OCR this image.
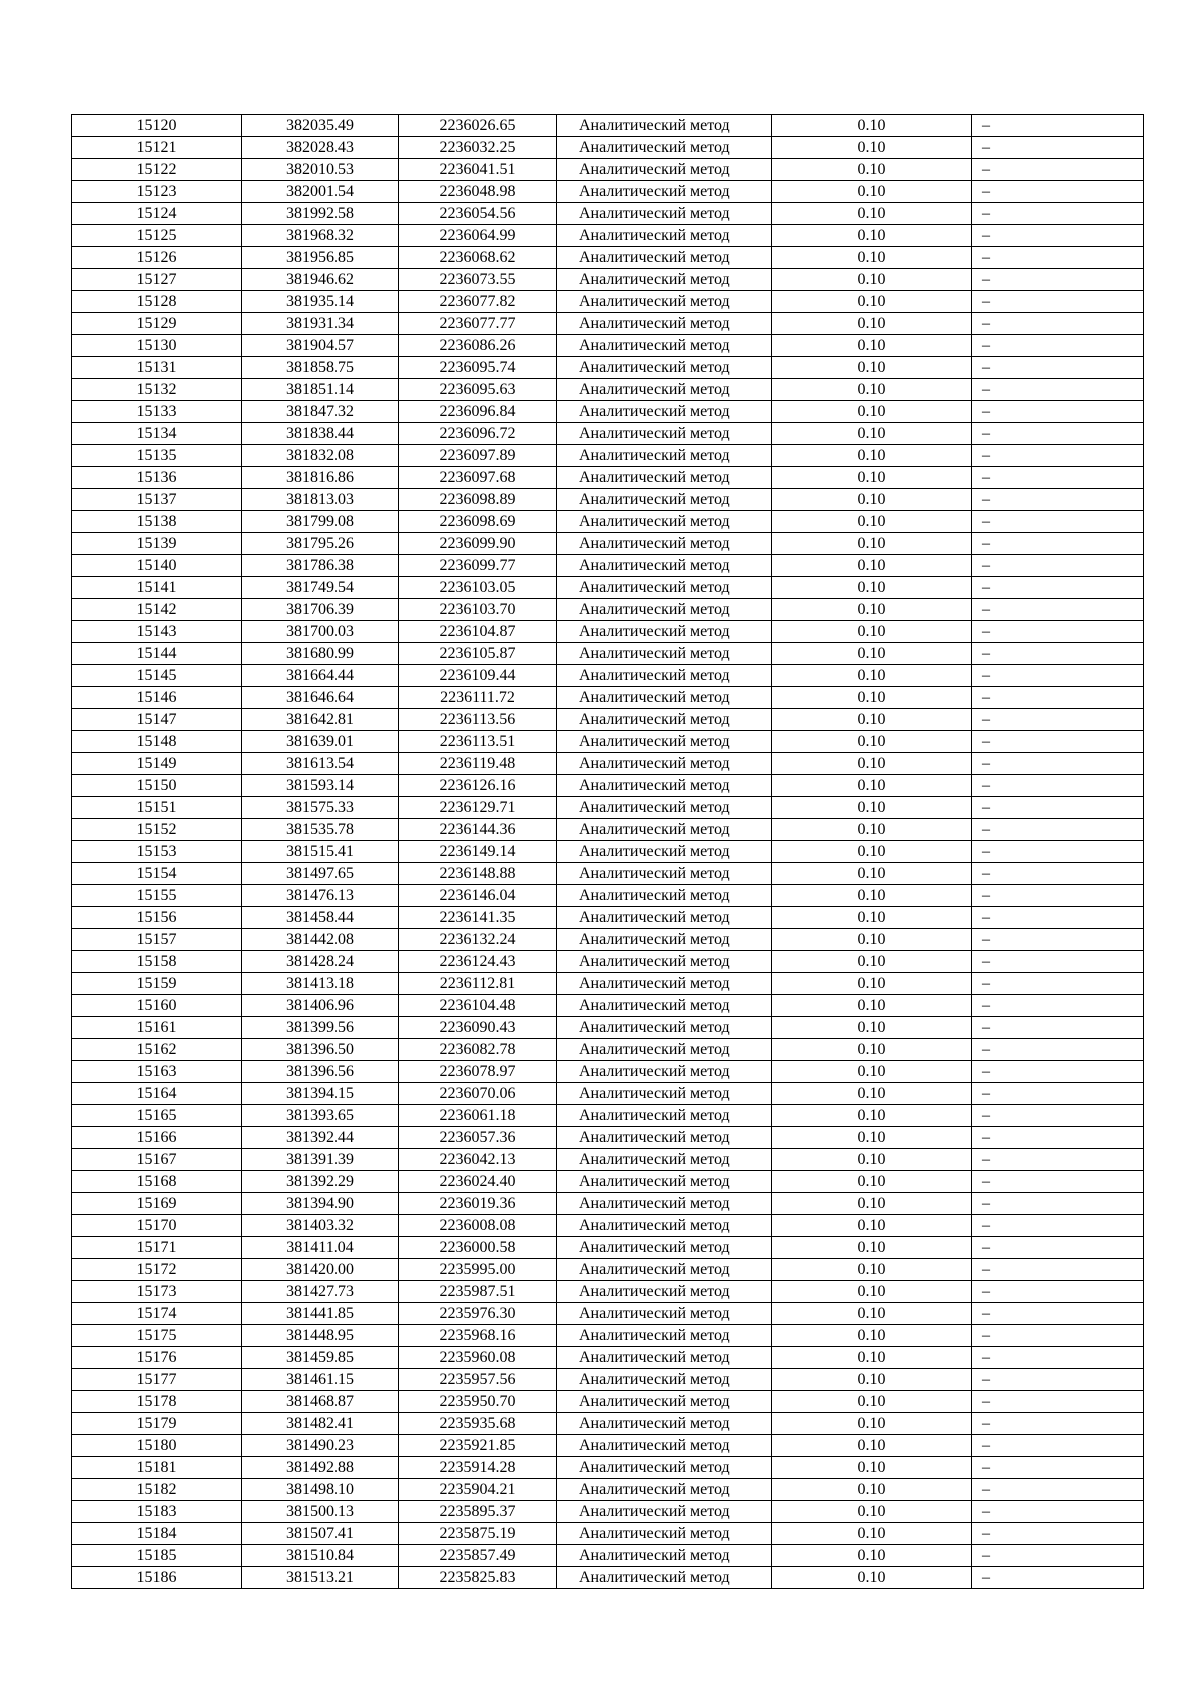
15120	382035.49	2236026.65	Аналитический метод	0.10	–
15121	382028.43	2236032.25	Аналитический метод	0.10	–
15122	382010.53	2236041.51	Аналитический метод	0.10	–
15123	382001.54	2236048.98	Аналитический метод	0.10	–
15124	381992.58	2236054.56	Аналитический метод	0.10	–
15125	381968.32	2236064.99	Аналитический метод	0.10	–
15126	381956.85	2236068.62	Аналитический метод	0.10	–
15127	381946.62	2236073.55	Аналитический метод	0.10	–
15128	381935.14	2236077.82	Аналитический метод	0.10	–
15129	381931.34	2236077.77	Аналитический метод	0.10	–
15130	381904.57	2236086.26	Аналитический метод	0.10	–
15131	381858.75	2236095.74	Аналитический метод	0.10	–
15132	381851.14	2236095.63	Аналитический метод	0.10	–
15133	381847.32	2236096.84	Аналитический метод	0.10	–
15134	381838.44	2236096.72	Аналитический метод	0.10	–
15135	381832.08	2236097.89	Аналитический метод	0.10	–
15136	381816.86	2236097.68	Аналитический метод	0.10	–
15137	381813.03	2236098.89	Аналитический метод	0.10	–
15138	381799.08	2236098.69	Аналитический метод	0.10	–
15139	381795.26	2236099.90	Аналитический метод	0.10	–
15140	381786.38	2236099.77	Аналитический метод	0.10	–
15141	381749.54	2236103.05	Аналитический метод	0.10	–
15142	381706.39	2236103.70	Аналитический метод	0.10	–
15143	381700.03	2236104.87	Аналитический метод	0.10	–
15144	381680.99	2236105.87	Аналитический метод	0.10	–
15145	381664.44	2236109.44	Аналитический метод	0.10	–
15146	381646.64	2236111.72	Аналитический метод	0.10	–
15147	381642.81	2236113.56	Аналитический метод	0.10	–
15148	381639.01	2236113.51	Аналитический метод	0.10	–
15149	381613.54	2236119.48	Аналитический метод	0.10	–
15150	381593.14	2236126.16	Аналитический метод	0.10	–
15151	381575.33	2236129.71	Аналитический метод	0.10	–
15152	381535.78	2236144.36	Аналитический метод	0.10	–
15153	381515.41	2236149.14	Аналитический метод	0.10	–
15154	381497.65	2236148.88	Аналитический метод	0.10	–
15155	381476.13	2236146.04	Аналитический метод	0.10	–
15156	381458.44	2236141.35	Аналитический метод	0.10	–
15157	381442.08	2236132.24	Аналитический метод	0.10	–
15158	381428.24	2236124.43	Аналитический метод	0.10	–
15159	381413.18	2236112.81	Аналитический метод	0.10	–
15160	381406.96	2236104.48	Аналитический метод	0.10	–
15161	381399.56	2236090.43	Аналитический метод	0.10	–
15162	381396.50	2236082.78	Аналитический метод	0.10	–
15163	381396.56	2236078.97	Аналитический метод	0.10	–
15164	381394.15	2236070.06	Аналитический метод	0.10	–
15165	381393.65	2236061.18	Аналитический метод	0.10	–
15166	381392.44	2236057.36	Аналитический метод	0.10	–
15167	381391.39	2236042.13	Аналитический метод	0.10	–
15168	381392.29	2236024.40	Аналитический метод	0.10	–
15169	381394.90	2236019.36	Аналитический метод	0.10	–
15170	381403.32	2236008.08	Аналитический метод	0.10	–
15171	381411.04	2236000.58	Аналитический метод	0.10	–
15172	381420.00	2235995.00	Аналитический метод	0.10	–
15173	381427.73	2235987.51	Аналитический метод	0.10	–
15174	381441.85	2235976.30	Аналитический метод	0.10	–
15175	381448.95	2235968.16	Аналитический метод	0.10	–
15176	381459.85	2235960.08	Аналитический метод	0.10	–
15177	381461.15	2235957.56	Аналитический метод	0.10	–
15178	381468.87	2235950.70	Аналитический метод	0.10	–
15179	381482.41	2235935.68	Аналитический метод	0.10	–
15180	381490.23	2235921.85	Аналитический метод	0.10	–
15181	381492.88	2235914.28	Аналитический метод	0.10	–
15182	381498.10	2235904.21	Аналитический метод	0.10	–
15183	381500.13	2235895.37	Аналитический метод	0.10	–
15184	381507.41	2235875.19	Аналитический метод	0.10	–
15185	381510.84	2235857.49	Аналитический метод	0.10	–
15186	381513.21	2235825.83	Аналитический метод	0.10	–
